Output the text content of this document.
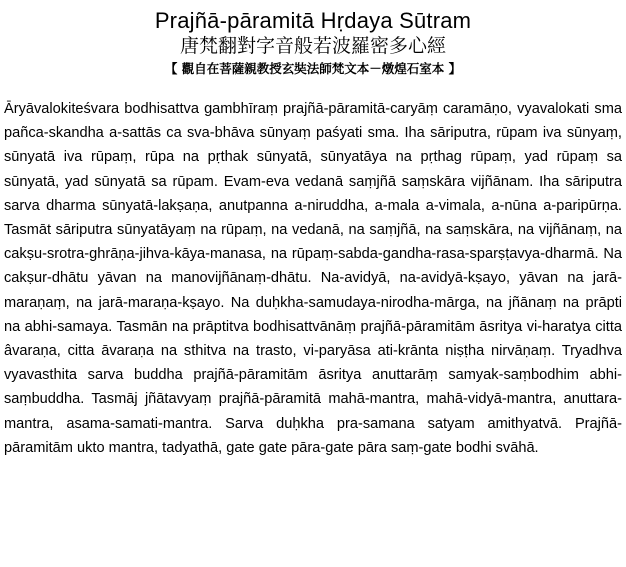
Prajñā-pāramitā Hṛdaya Sūtram
唐梵翻對字音般若波羅密多心經
【 觀自在菩薩親教授玄奘法師梵文本－燉煌石室本 】

Āryāvalokiteśvara bodhisattva gambhīraṃ prajñā-pāramitā-caryāṃ caramāṇo, vyavalokati sma pañca-skandha a-sattās ca sva-bhāva sūnyaṃ paśyati sma. Iha sāriputra, rūpam iva sūnyaṃ, sūnyatā iva rūpaṃ, rūpa na pṛthak sūnyatā, sūnyatāya na pṛthag rūpaṃ, yad rūpaṃ sa sūnyatā, yad sūnyatā sa rūpam. Evam-eva vedanā saṃjñā saṃskāra vijñānam. Iha sāriputra sarva dharma sūnyatā-lakṣaṇa, anutpanna a-niruddha, a-mala a-vimala, a-nūna a-paripūrṇa. Tasmāt sāriputra sūnyatāyaṃ na rūpaṃ, na vedanā, na saṃjñā, na saṃskāra, na vijñānaṃ, na cakṣu-srotra-ghrāṇa-jihva-kāya-manasa, na rūpaṃ-sabda-gandha-rasa-sparṣṭavya-dharmā. Na cakṣur-dhātu yāvan na manovijñānaṃ-dhātu. Na-avidyā, na-avidyā-kṣayo, yāvan na jarā-maraṇaṃ, na jarā-maraṇa-kṣayo. Na duḥkha-samudaya-nirodha-mārga, na jñānaṃ na prāpti na abhi-samaya. Tasmān na prāptitva bodhisattvānāṃ prajñā-pāramitām āsritya vi-haratya citta âvaraṇa, citta āvaraṇa na sthitva na trasto, vi-paryāsa ati-krānta niṣṭha nirvāṇaṃ. Tryadhva vyavasthita sarva buddha prajñā-pāramitām āsritya anuttarāṃ samyak-saṃbodhim abhi-saṃbuddha. Tasmāj jñātavyaṃ prajñā-pāramitā mahā-mantra, mahā-vidyā-mantra, anuttara-mantra, asama-samati-mantra. Sarva duḥkha pra-samana satyam amithyatvā. Prajñā-pāramitām ukto mantra, tadyathā, gate gate pāra-gate pāra saṃ-gate bodhi svāhā.
